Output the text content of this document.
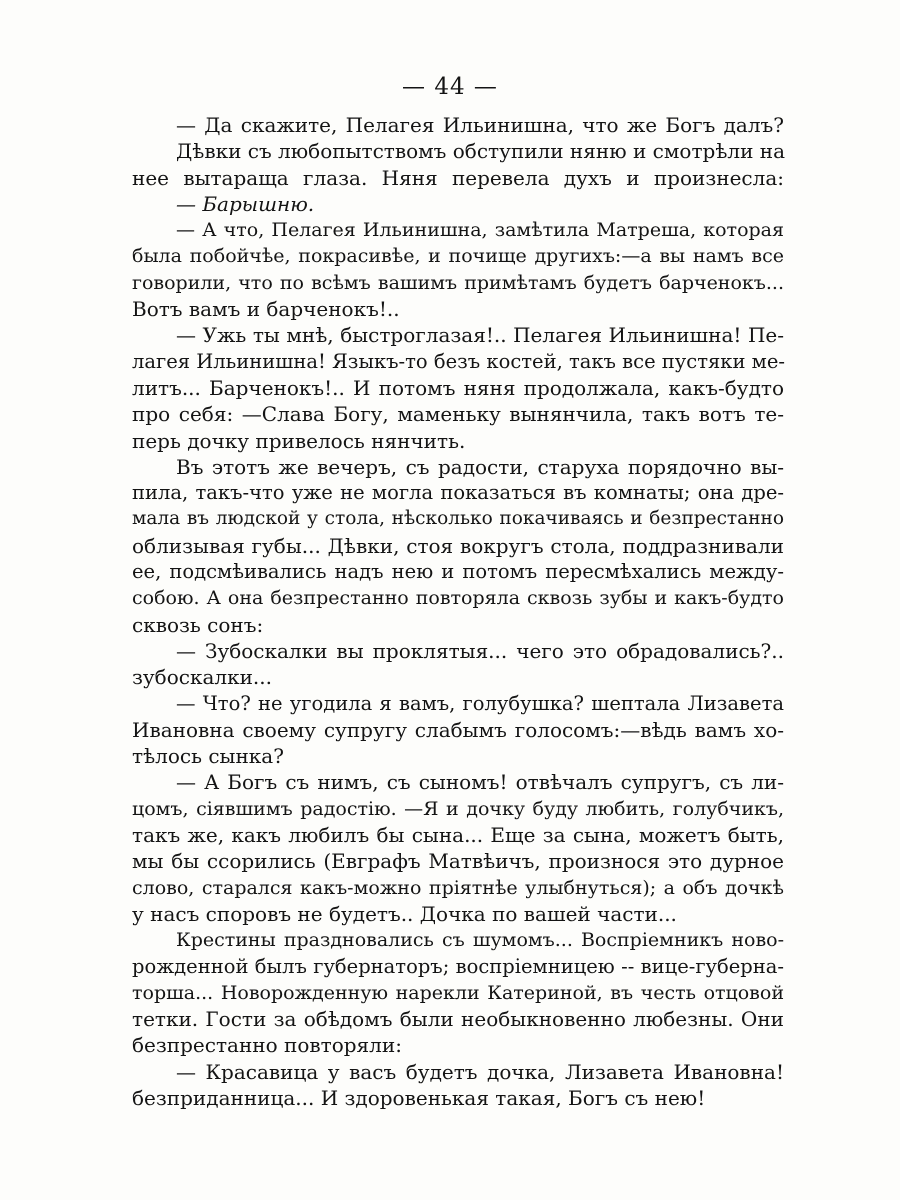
— 44 —
— Да скажите, Пелагея Ильинишна, что же Богъ далъ?
Дѣвки съ любопытствомъ обступили няню и смотрѣли на
нее вытаращa глаза. Няня перевела духъ и произнесла:
— Барышню.
— А что, Пелагея Ильинишна, замѣтила Матреша, которая
была побойчѣе, покрасивѣе, и почище другихъ:—а вы намъ все
говорили, что по всѣмъ вашимъ примѣтамъ будетъ барченокъ...
Вотъ вамъ и барченокъ!..
— Ужь ты мнѣ, быстроглазая!.. Пелагея Ильинишна! Пе-
лагея Ильинишна! Языкъ-то безъ костей, такъ все пустяки ме-
литъ... Барченокъ!.. И потомъ няня продолжала, какъ-будто
про себя: —Слава Богу, маменьку вынянчила, такъ вотъ те-
перь дочку привелось нянчить.
Въ этотъ же вечеръ, съ радости, старуха порядочно вы-
пила, такъ-что уже не могла показаться въ комнаты; она дре-
мала въ людской у стола, нѣсколько покачиваясь и безпрестанно
облизывая губы... Дѣвки, стоя вокругъ стола, поддразнивали
ее, подсмѣивались надъ нею и потомъ пересмѣхались между-
собою. А она безпрестанно повторяла сквозь зубы и какъ-будто
сквозь сонъ:
— Зубоскалки вы проклятыя... чего это обрадовались?..
зубоскалки...
— Что? не угодила я вамъ, голубушка? шептала Лизавета
Ивановна своему супругу слабымъ голосомъ:—вѣдь вамъ хо-
тѣлось сынка?
— А Богъ съ нимъ, съ сыномъ! отвѣчалъ супругъ, съ ли-
цомъ, сіявшимъ радостію. —Я и дочку буду любить, голубчикъ,
такъ же, какъ любилъ бы сына... Еще за сына, можетъ быть,
мы бы ссорились (Евграфъ Матвѣичъ, произнося это дурное
слово, старался какъ-можно пріятнѣе улыбнуться); а объ дочкѣ
у насъ споровъ не будетъ.. Дочка по вашей части...
Крестины праздновались съ шумомъ... Воспріемникъ ново-
рожденной былъ губернаторъ; воспріемницею -- вице-губерна-
торша... Новорожденную нарекли Катериной, въ честь отцовой
тетки. Гости за обѣдомъ были необыкновенно любезны. Они
безпрестанно повторяли:
— Красавица у васъ будетъ дочка, Лизавета Ивановна!
безприданница... И здоровенькая такая, Богъ съ нею!
